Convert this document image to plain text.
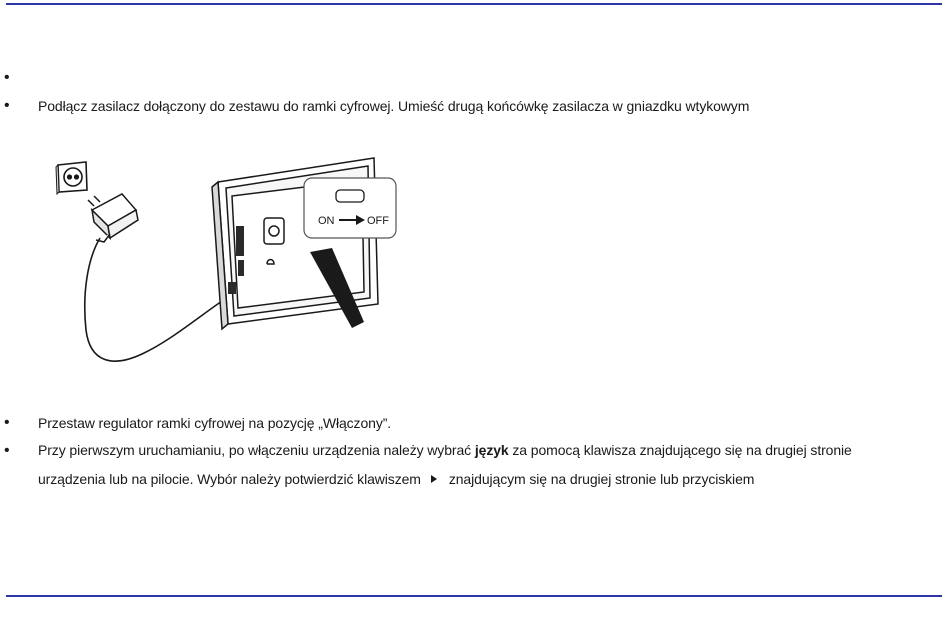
•
• Podłącz zasilacz dołączony do zestawu do ramki cyfrowej. Umieść drugą końcówkę zasilacza w gniazdku wtykowym
ON	OFF
• Przestaw regulator ramki cyfrowej na pozycję „Włączony”.
• Przy pierwszym uruchamianiu, po włączeniu urządzenia należy wybrać język za pomocą klawisza znajdującego się na drugiej stronie
urządzenia lub na pilocie. Wybór należy potwierdzić klawiszem znajdującym się na drugiej stronie lub przyciskiem
